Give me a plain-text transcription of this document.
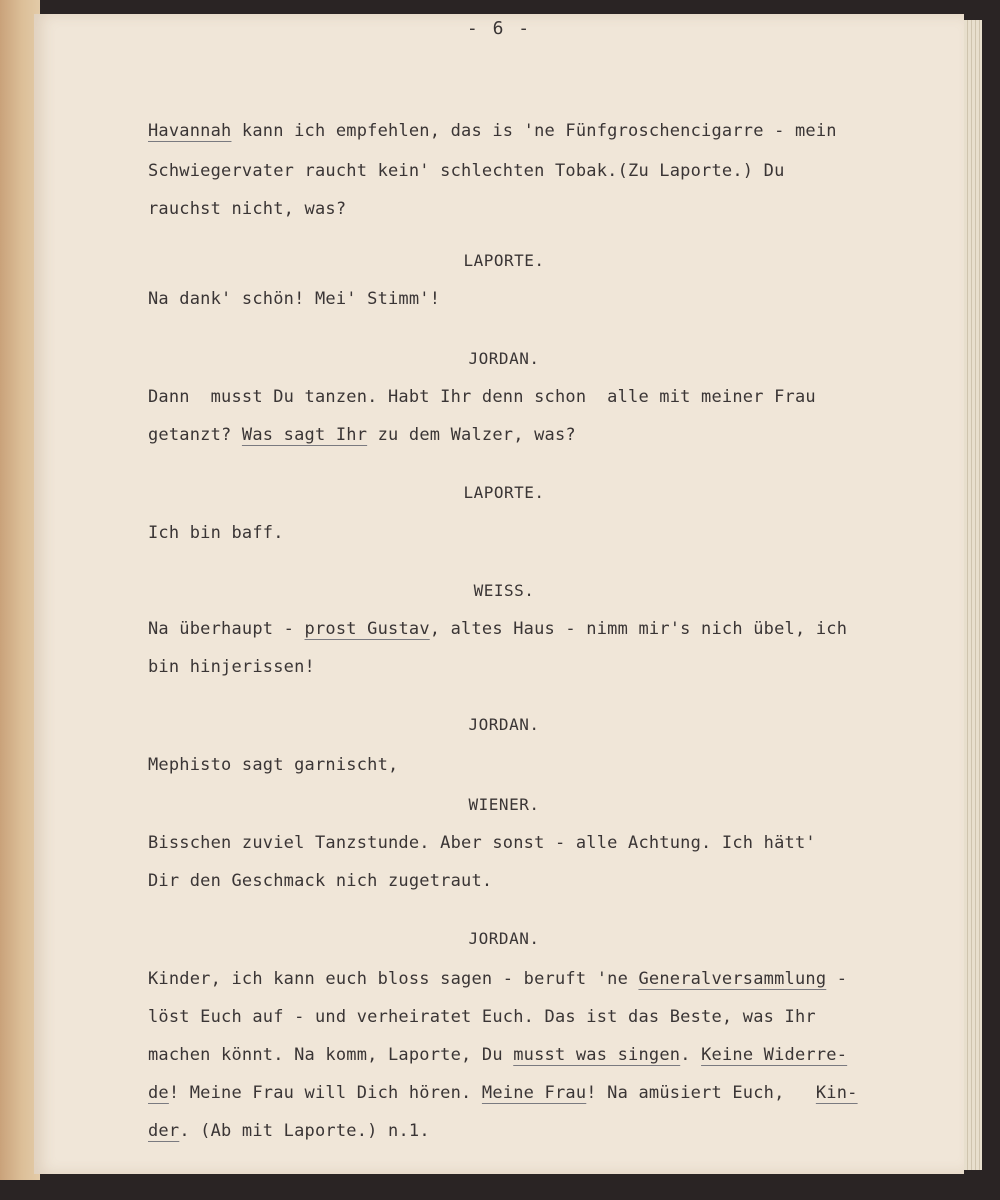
- 6 -
Havannah kann ich empfehlen, das is 'ne Fünfgroschencigarre - mein
Schwiegervater raucht kein' schlechten Tobak.(Zu Laporte.) Du
rauchst nicht, was?
LAPORTE.
Na dank' schön! Mei' Stimm'!
JORDAN.
Dann  musst Du tanzen. Habt Ihr denn schon  alle mit meiner Frau
getanzt? Was sagt Ihr zu dem Walzer, was?
LAPORTE.
Ich bin baff.
WEISS.
Na überhaupt - prost Gustav, altes Haus - nimm mir's nich übel, ich
bin hinjerissen!
JORDAN.
Mephisto sagt garnischt,
WIENER.
Bisschen zuviel Tanzstunde. Aber sonst - alle Achtung. Ich hätt'
Dir den Geschmack nich zugetraut.
JORDAN.
Kinder, ich kann euch bloss sagen - beruft 'ne Generalversammlung -
löst Euch auf - und verheiratet Euch. Das ist das Beste, was Ihr
machen könnt. Na komm, Laporte, Du musst was singen. Keine Widerre-
de! Meine Frau will Dich hören. Meine Frau! Na amüsiert Euch,   Kin-
der. (Ab mit Laporte.) n.1.
